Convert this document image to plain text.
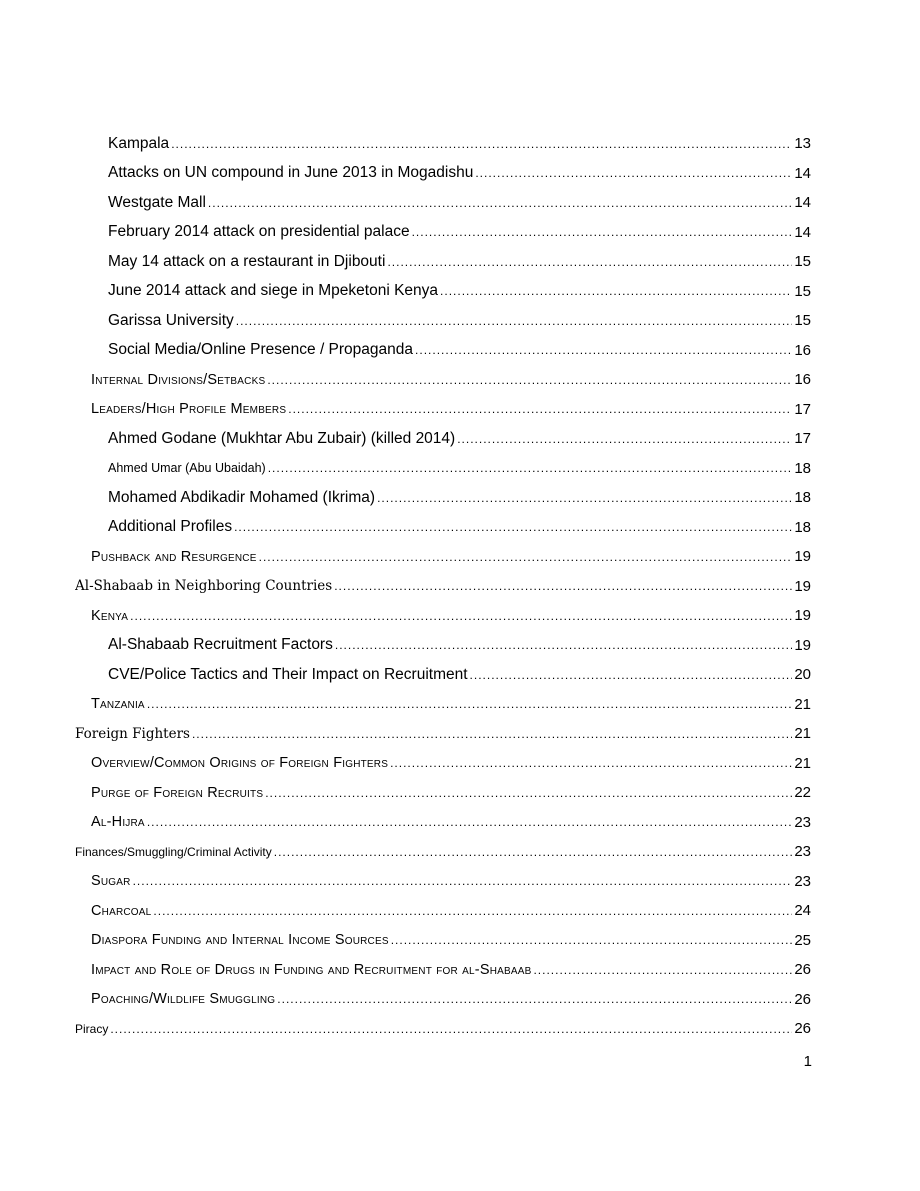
Kampala .....	13
Attacks on UN compound in June 2013 in Mogadishu .....	14
Westgate Mall .....	14
February 2014 attack on presidential palace .....	14
May 14 attack on a restaurant in Djibouti .....	15
June 2014 attack and siege in Mpeketoni Kenya .....	15
Garissa University .....	15
Social Media/Online Presence / Propaganda .....	16
Internal Divisions/Setbacks .....	16
Leaders/High Profile Members .....	17
Ahmed Godane (Mukhtar Abu Zubair) (killed 2014) .....	17
Ahmed Umar (Abu Ubaidah) .....	18
Mohamed Abdikadir Mohamed (Ikrima) .....	18
Additional Profiles .....	18
Pushback and Resurgence .....	19
Al-Shabaab in Neighboring Countries .....	19
Kenya .....	19
Al-Shabaab Recruitment Factors .....	19
CVE/Police Tactics and Their Impact on Recruitment .....	20
Tanzania .....	21
Foreign Fighters .....	21
Overview/Common Origins of Foreign Fighters .....	21
Purge of Foreign Recruits .....	22
Al-Hijra .....	23
Finances/Smuggling/Criminal Activity .....	23
Sugar .....	23
Charcoal .....	24
Diaspora Funding and Internal Income Sources .....	25
Impact and Role of Drugs in Funding and Recruitment for al-Shabaab .....	26
Poaching/Wildlife Smuggling .....	26
Piracy .....	26
1
